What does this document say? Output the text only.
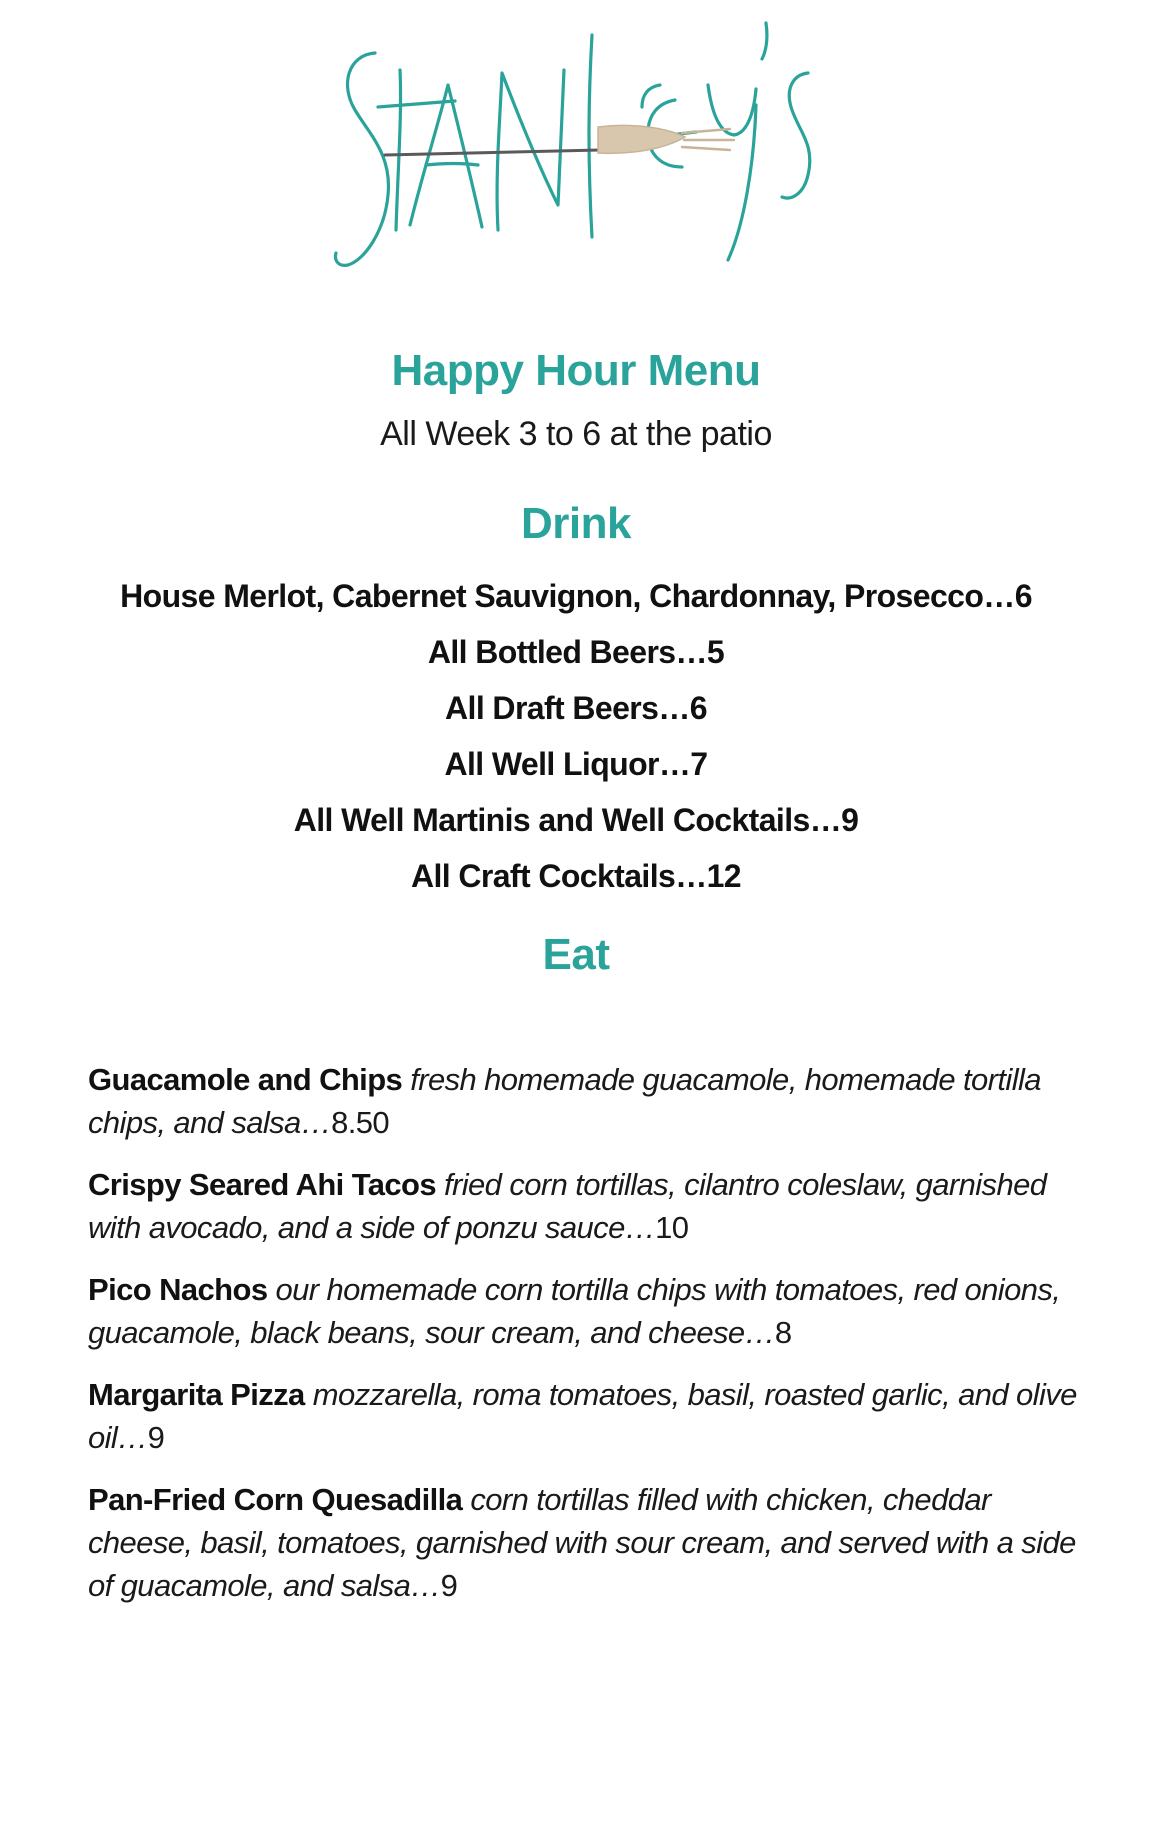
Happy Hour Menu
All Week 3 to 6 at the patio
Drink
House Merlot, Cabernet Sauvignon, Chardonnay, Prosecco…6
All Bottled Beers…5
All Draft Beers…6
All Well Liquor…7
All Well Martinis and Well Cocktails…9
All Craft Cocktails…12
Eat
Guacamole and Chips fresh homemade guacamole, homemade tortilla chips, and salsa…8.50
Crispy Seared Ahi Tacos fried corn tortillas, cilantro coleslaw, garnished with avocado, and a side of ponzu sauce…10
Pico Nachos our homemade corn tortilla chips with tomatoes, red onions, guacamole, black beans, sour cream, and cheese…8
Margarita Pizza mozzarella, roma tomatoes, basil, roasted garlic, and olive oil…9
Pan-Fried Corn Quesadilla corn tortillas filled with chicken, cheddar cheese, basil, tomatoes, garnished with sour cream, and served with a side of guacamole, and salsa…9
